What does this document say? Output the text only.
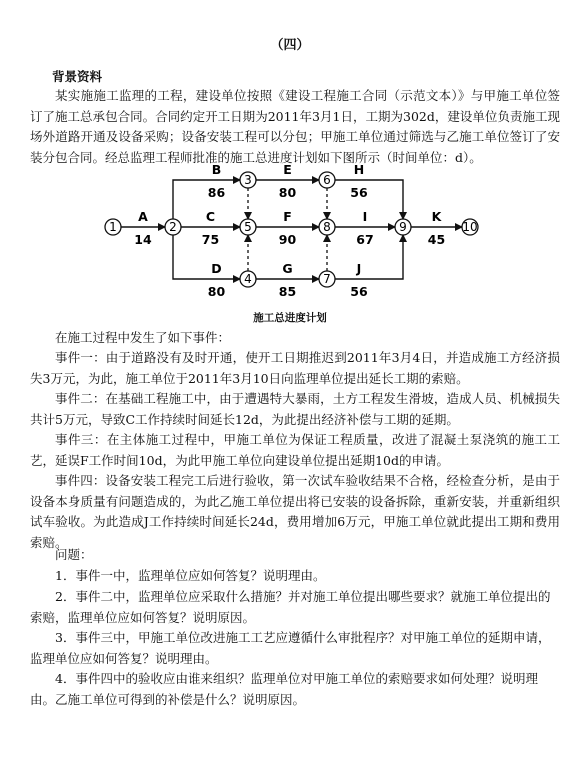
（四）
背景资料

某实施施工监理的工程，建设单位按照《建设工程施工合同（示范文本）》与甲施工单位签订了施工总承包合同。合同约定开工日期为2011年3月1日，工期为302d，建设单位负责施工现场外道路开通及设备采购；设备安装工程可以分包；甲施工单位通过筛选与乙施工单位签订了安装分包合同。经总监理工程师批准的施工总进度计划如下图所示（时间单位：d）。

A
14
B
86
C
75
D
80
E
80
F
90
G
85
H
56
I
67
J
56
K
45
1	2
3
4
5
6
7
8	9	10
施工总进度计划

在施工过程中发生了如下事件：

事件一：由于道路没有及时开通，使开工日期推迟到2011年3月4日，并造成施工方经济损失3万元，为此，施工单位于2011年3月10日向监理单位提出延长工期的索赔。

事件二：在基础工程施工中，由于遭遇特大暴雨，土方工程发生滑坡，造成人员、机械损失共计5万元，导致C工作持续时间延长12d，为此提出经济补偿与工期的延期。

事件三：在主体施工过程中，甲施工单位为保证工程质量，改进了混凝土泵浇筑的施工工艺，延误F工作时间10d，为此甲施工单位向建设单位提出延期10d的申请。

事件四：设备安装工程完工后进行验收，第一次试车验收结果不合格，经检查分析，是由于设备本身质量有问题造成的，为此乙施工单位提出将已安装的设备拆除，重新安装，并重新组织试车验收。为此造成J工作持续时间延长24d，费用增加6万元，甲施工单位就此提出工期和费用索赔。

问题：

1．事件一中，监理单位应如何答复？说明理由。

2．事件二中，监理单位应采取什么措施？并对施工单位提出哪些要求？就施工单位提出的索赔，监理单位应如何答复？说明原因。

3．事件三中，甲施工单位改进施工工艺应遵循什么审批程序？对甲施工单位的延期申请，监理单位应如何答复？说明理由。

4．事件四中的验收应由谁来组织？监理单位对甲施工单位的索赔要求如何处理？说明理由。乙施工单位可得到的补偿是什么？说明原因。
